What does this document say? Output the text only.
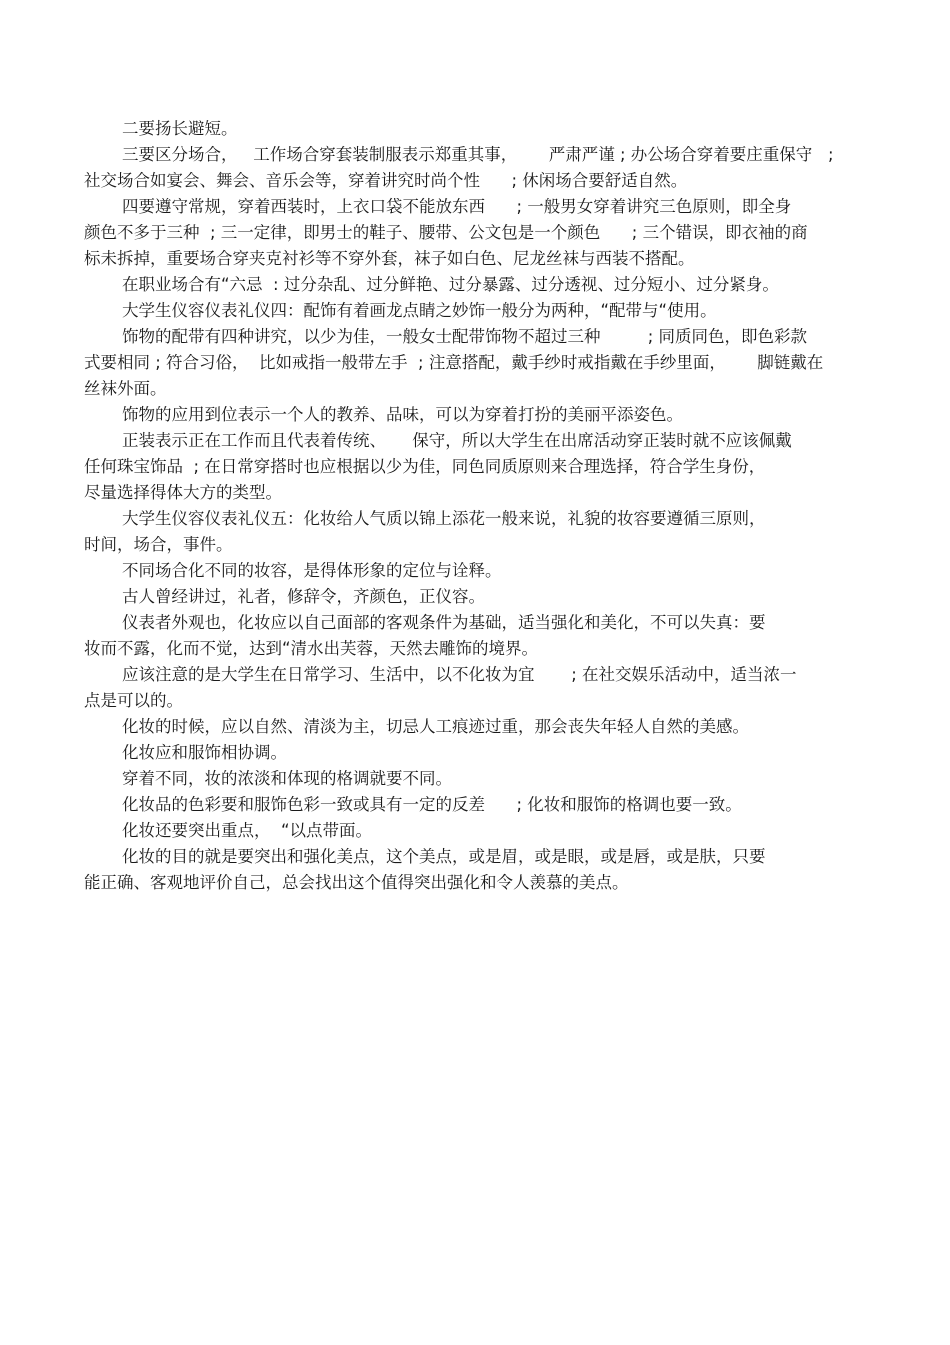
二要扬长避短。
三要区分场合，   工作场合穿套装制服表示郑重其事，      严肃严谨 ; 办公场合穿着要庄重保守   ;
社交场合如宴会、舞会、音乐会等，穿着讲究时尚个性      ; 休闲场合要舒适自然。
四要遵守常规，穿着西装时，上衣口袋不能放东西      ; 一般男女穿着讲究三色原则，即全身
颜色不多于三种  ; 三一定律，即男士的鞋子、腰带、公文包是一个颜色      ; 三个错误，即衣袖的商
标未拆掉，重要场合穿夹克衬衫等不穿外套，袜子如白色、尼龙丝袜与西装不搭配。
在职业场合有“六忌  : 过分杂乱、过分鲜艳、过分暴露、过分透视、过分短小、过分紧身。
大学生仪容仪表礼仪四：配饰有着画龙点睛之妙饰一般分为两种，“配带与“使用。
饰物的配带有四种讲究，以少为佳，一般女士配带饰物不超过三种         ; 同质同色，即色彩款
式要相同 ; 符合习俗，  比如戒指一般带左手  ; 注意搭配，戴手纱时戒指戴在手纱里面，      脚链戴在
丝袜外面。
饰物的应用到位表示一个人的教养、品味，可以为穿着打扮的美丽平添姿色。
正装表示正在工作而且代表着传统、     保守，所以大学生在出席活动穿正装时就不应该佩戴
任何珠宝饰品  ; 在日常穿搭时也应根据以少为佳，同色同质原则来合理选择，符合学生身份，
尽量选择得体大方的类型。
大学生仪容仪表礼仪五：化妆给人气质以锦上添花一般来说，礼貌的妆容要遵循三原则，
时间，场合，事件。
不同场合化不同的妆容，是得体形象的定位与诠释。
古人曾经讲过，礼者，修辞令，齐颜色，正仪容。
仪表者外观也，化妆应以自己面部的客观条件为基础，适当强化和美化，不可以失真：要
妆而不露，化而不觉，达到“清水出芙蓉，天然去雕饰的境界。
应该注意的是大学生在日常学习、生活中，以不化妆为宜       ; 在社交娱乐活动中，适当浓一
点是可以的。
化妆的时候，应以自然、清淡为主，切忌人工痕迹过重，那会丧失年轻人自然的美感。
化妆应和服饰相协调。
穿着不同，妆的浓淡和体现的格调就要不同。
化妆品的色彩要和服饰色彩一致或具有一定的反差      ; 化妆和服饰的格调也要一致。
化妆还要突出重点，  “以点带面。
化妆的目的就是要突出和强化美点，这个美点，或是眉，或是眼，或是唇，或是肤，只要
能正确、客观地评价自己，总会找出这个值得突出强化和令人羡慕的美点。
